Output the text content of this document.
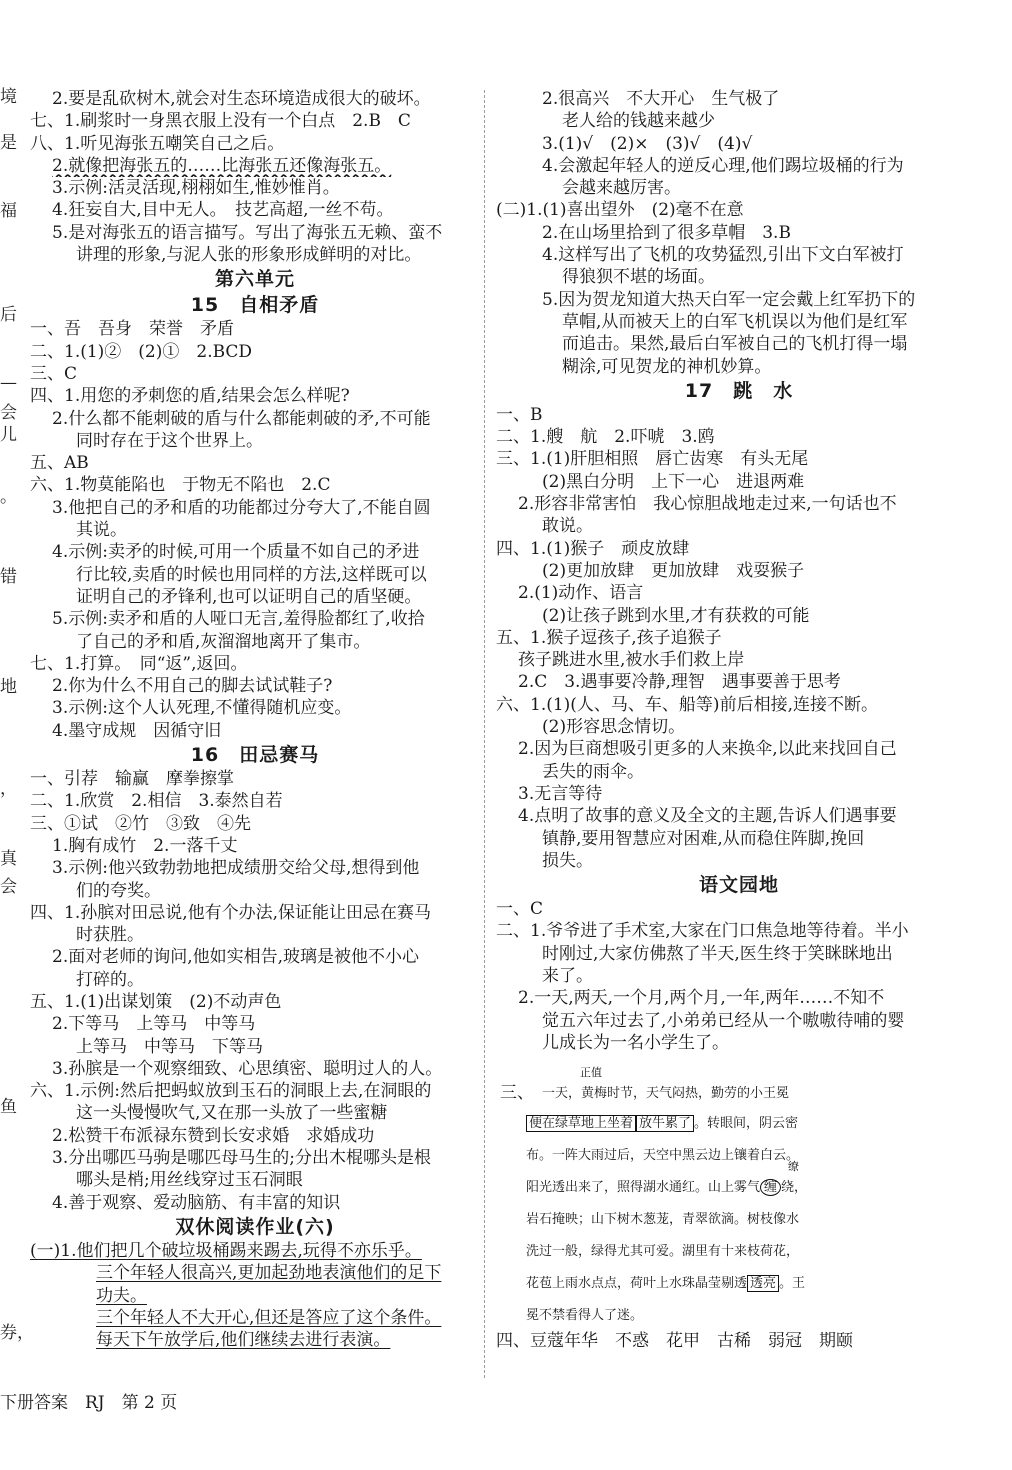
境
是
福
后
—
会
儿
。
错
地
，
真
会
鱼
券，
2.要是乱砍树木,就会对生态环境造成很大的破坏。
七、1.刷浆时一身黑衣服上没有一个白点　2.B　C
八、1.听见海张五嘲笑自己之后。
2.就像把海张五的……比海张五还像海张五。
3.示例:活灵活现,栩栩如生,惟妙惟肖。
4.狂妄自大,目中无人。　技艺高超,一丝不苟。
5.是对海张五的语言描写。写出了海张五无赖、蛮不
讲理的形象,与泥人张的形象形成鲜明的对比。
第六单元
15　自相矛盾
一、吾　吾身　荣誉　矛盾
二、1.(1)②　(2)①　2.BCD
三、C
四、1.用您的矛刺您的盾,结果会怎么样呢?
2.什么都不能刺破的盾与什么都能刺破的矛,不可能
同时存在于这个世界上。
五、AB
六、1.物莫能陷也　于物无不陷也　2.C
3.他把自己的矛和盾的功能都过分夸大了,不能自圆
其说。
4.示例:卖矛的时候,可用一个质量不如自己的矛进
行比较,卖盾的时候也用同样的方法,这样既可以
证明自己的矛锋利,也可以证明自己的盾坚硬。
5.示例:卖矛和盾的人哑口无言,羞得脸都红了,收拾
了自己的矛和盾,灰溜溜地离开了集市。
七、1.打算。　同“返”,返回。
2.你为什么不用自己的脚去试试鞋子?
3.示例:这个人认死理,不懂得随机应变。
4.墨守成规　因循守旧
16　田忌赛马
一、引荐　输赢　摩拳擦掌
二、1.欣赏　2.相信　3.泰然自若
三、①试　②竹　③致　④先
1.胸有成竹　2.一落千丈
3.示例:他兴致勃勃地把成绩册交给父母,想得到他
们的夸奖。
四、1.孙膑对田忌说,他有个办法,保证能让田忌在赛马
时获胜。
2.面对老师的询问,他如实相告,玻璃是被他不小心
打碎的。
五、1.(1)出谋划策　(2)不动声色
2.下等马　上等马　中等马
上等马　中等马　下等马
3.孙膑是一个观察细致、心思缜密、聪明过人的人。
六、1.示例:然后把蚂蚁放到玉石的洞眼上去,在洞眼的
这一头慢慢吹气,又在那一头放了一些蜜糖
2.松赞干布派禄东赞到长安求婚　求婚成功
3.分出哪匹马驹是哪匹母马生的;分出木棍哪头是根
哪头是梢;用丝线穿过玉石洞眼
4.善于观察、爱动脑筋、有丰富的知识
双休阅读作业(六)
(一)1.他们把几个破垃圾桶踢来踢去,玩得不亦乐乎。
三个年轻人很高兴,更加起劲地表演他们的足下
功夫。
三个年轻人不大开心,但还是答应了这个条件。
每天下午放学后,他们继续去进行表演。
2.很高兴　不大开心　生气极了
老人给的钱越来越少
3.(1)√　(2)×　(3)√　(4)√
4.会激起年轻人的逆反心理,他们踢垃圾桶的行为
会越来越厉害。
(二)1.(1)喜出望外　(2)毫不在意
2.在山场里拾到了很多草帽　3.B
4.这样写出了飞机的攻势猛烈,引出下文白军被打
得狼狈不堪的场面。
5.因为贺龙知道大热天白军一定会戴上红军扔下的
草帽,从而被天上的白军飞机误以为他们是红军
而追击。果然,最后白军被自己的飞机打得一塌
糊涂,可见贺龙的神机妙算。
17　跳　水
一、B
二、1.艘　航　2.吓唬　3.鸥
三、1.(1)肝胆相照　唇亡齿寒　有头无尾
(2)黑白分明　上下一心　进退两难
2.形容非常害怕　我心惊胆战地走过来,一句话也不
敢说。
四、1.(1)猴子　顽皮放肆
(2)更加放肆　更加放肆　戏耍猴子
2.(1)动作、语言
(2)让孩子跳到水里,才有获救的可能
五、1.猴子逗孩子,孩子追猴子
孩子跳进水里,被水手们救上岸
2.C　3.遇事要冷静,理智　遇事要善于思考
六、1.(1)(人、马、车、船等)前后相接,连接不断。
(2)形容思念情切。
2.因为巨商想吸引更多的人来换伞,以此来找回自己
丢失的雨伞。
3.无言等待
4.点明了故事的意义及全文的主题,告诉人们遇事要
镇静,要用智慧应对困难,从而稳住阵脚,挽回
损失。
语文园地
一、C
二、1.爷爷进了手术室,大家在门口焦急地等待着。半小
时刚过,大家仿佛熬了半天,医生终于笑眯眯地出
来了。
2.一天,两天,一个月,两个月,一年,两年……不知不
觉五六年过去了,小弟弟已经从一个嗷嗷待哺的婴
儿成长为一名小学生了。
三、
正值
一天，黄梅时节，天气闷热，勤劳的小王冕
便在绿草地上坐着 放牛累了 。转眼间，阴云密
布。一阵大雨过后，天空中黑云边上镶着白云。
缭
阳光透出来了，照得湖水通红。山上雾气 缠 绕，
岩石掩映；山下树木葱茏，青翠欲滴。树枝像水
洗过一般，绿得尤其可爱。湖里有十来枝荷花，
花苞上雨水点点，荷叶上水珠晶莹剔透 透亮 。王
冕不禁看得人了迷。
四、豆蔻年华　不惑　花甲　古稀　弱冠　期颐
下册答案　RJ　第 2 页
